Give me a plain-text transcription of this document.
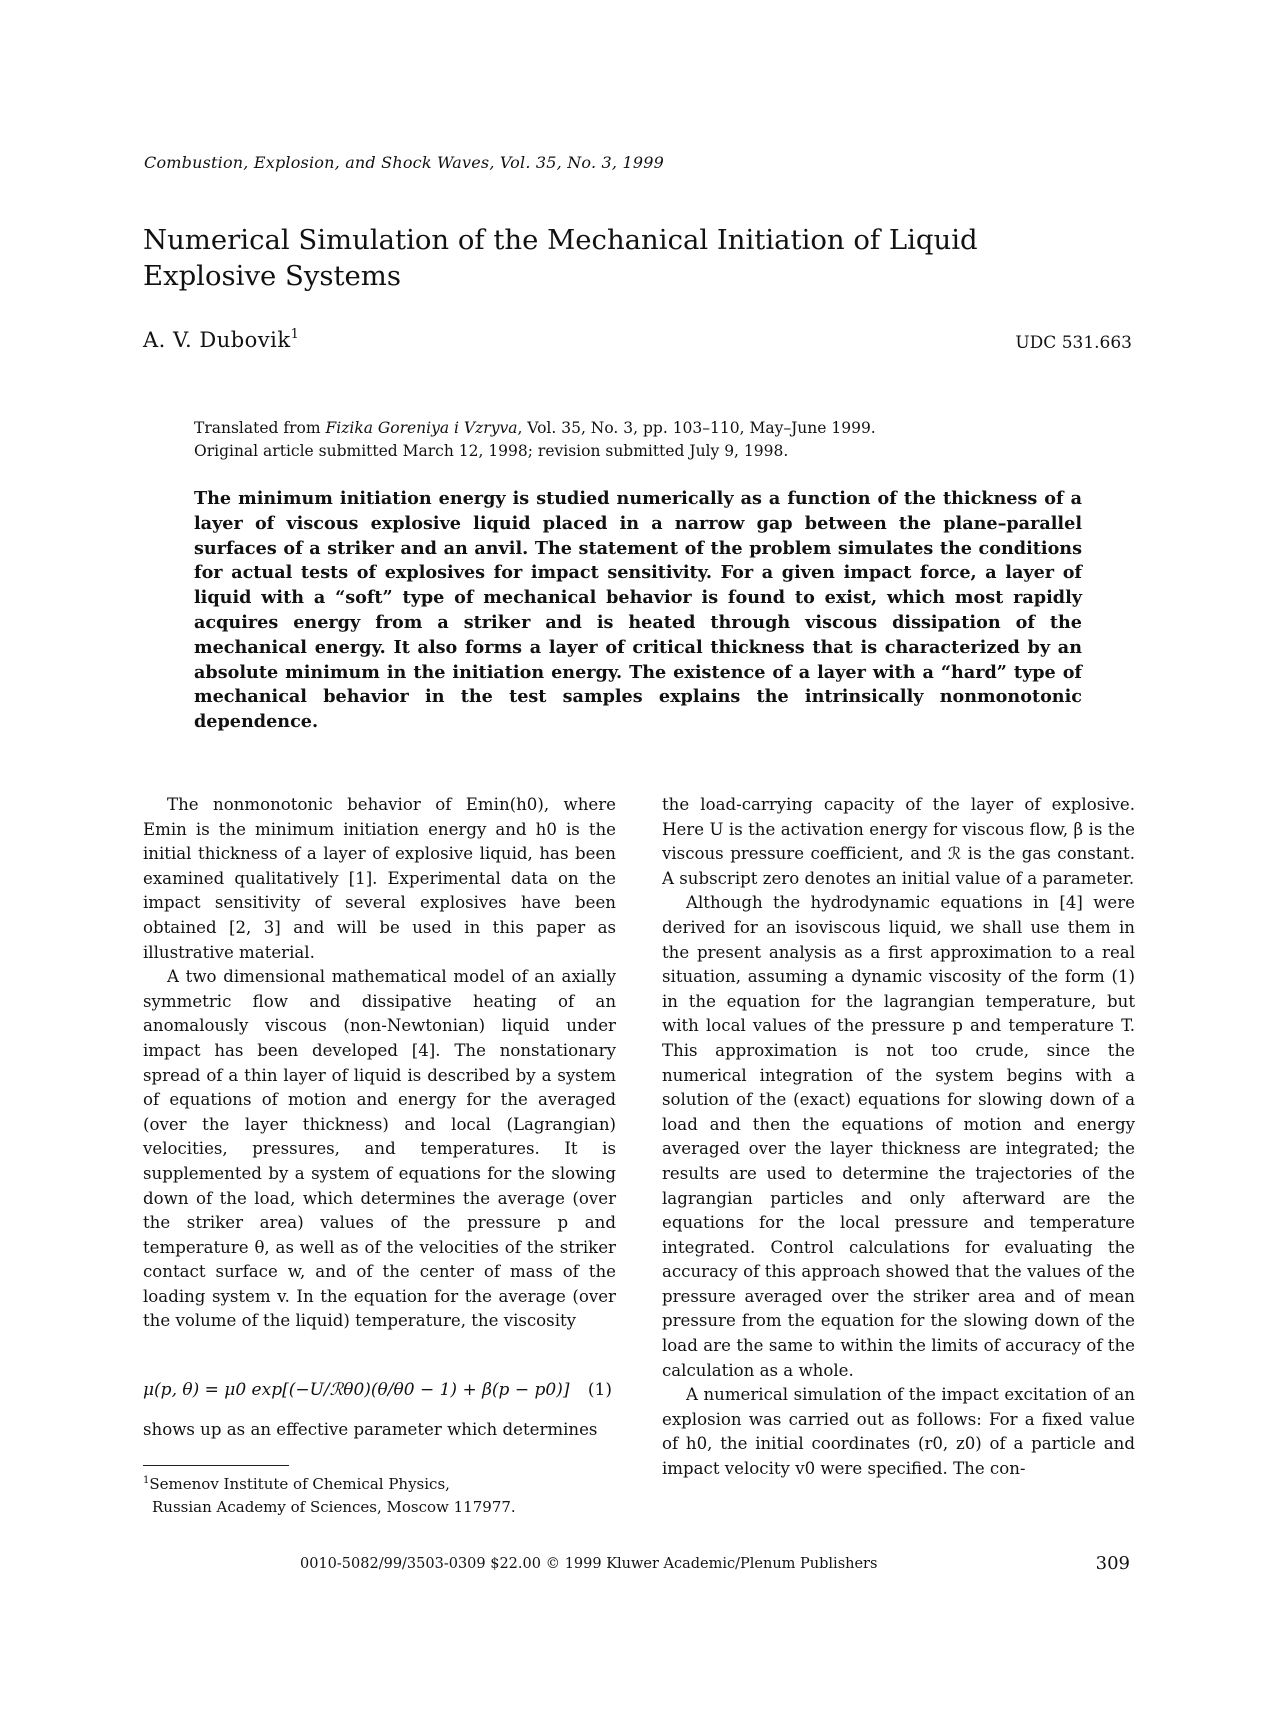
Combustion, Explosion, and Shock Waves, Vol. 35, No. 3, 1999
Numerical Simulation of the Mechanical Initiation of Liquid Explosive Systems
A. V. Dubovik$^1$	UDC 531.663
Translated from Fizika Goreniya i Vzryva, Vol. 35, No. 3, pp. 103–110, May–June 1999.
Original article submitted March 12, 1998; revision submitted July 9, 1998.
The minimum initiation energy is studied numerically as a function of the thickness of a layer of viscous explosive liquid placed in a narrow gap between the plane–parallel surfaces of a striker and an anvil. The statement of the problem simulates the conditions for actual tests of explosives for impact sensitivity. For a given impact force, a layer of liquid with a “soft” type of mechanical behavior is found to exist, which most rapidly acquires energy from a striker and is heated through viscous dissipation of the mechanical energy. It also forms a layer of critical thickness that is characterized by an absolute minimum in the initiation energy. The existence of a layer with a “hard” type of mechanical behavior in the test samples explains the intrinsically nonmonotonic dependence.

The nonmonotonic behavior of Emin(h0), where Emin is the minimum initiation energy and h0 is the initial thickness of a layer of explosive liquid, has been examined qualitatively [1]. Experimental data on the impact sensitivity of several explosives have been obtained [2, 3] and will be used in this paper as illustrative material.

A two dimensional mathematical model of an axially symmetric flow and dissipative heating of an anomalously viscous (non-Newtonian) liquid under impact has been developed [4]. The nonstationary spread of a thin layer of liquid is described by a system of equations of motion and energy for the averaged (over the layer thickness) and local (Lagrangian) velocities, pressures, and temperatures. It is supplemented by a system of equations for the slowing down of the load, which determines the average (over the striker area) values of the pressure p and temperature θ, as well as of the velocities of the striker contact surface w, and of the center of mass of the loading system v. In the equation for the average (over the volume of the liquid) temperature, the viscosity

μ(p, θ) = μ0 exp[(−U/ℛθ0)(θ/θ0 − 1) + β(p − p0)] (1)
shows up as an effective parameter which determines
$^1$Semenov Institute of Chemical Physics,
Russian Academy of Sciences, Moscow 117977.

the load-carrying capacity of the layer of explosive. Here U is the activation energy for viscous flow, β is the viscous pressure coefficient, and ℛ is the gas constant. A subscript zero denotes an initial value of a parameter.

Although the hydrodynamic equations in [4] were derived for an isoviscous liquid, we shall use them in the present analysis as a first approximation to a real situation, assuming a dynamic viscosity of the form (1) in the equation for the lagrangian temperature, but with local values of the pressure p and temperature T. This approximation is not too crude, since the numerical integration of the system begins with a solution of the (exact) equations for slowing down of a load and then the equations of motion and energy averaged over the layer thickness are integrated; the results are used to determine the trajectories of the lagrangian particles and only afterward are the equations for the local pressure and temperature integrated. Control calculations for evaluating the accuracy of this approach showed that the values of the pressure averaged over the striker area and of mean pressure from the equation for the slowing down of the load are the same to within the limits of accuracy of the calculation as a whole.

A numerical simulation of the impact excitation of an explosion was carried out as follows: For a fixed value of h0, the initial coordinates (r0, z0) of a particle and impact velocity v0 were specified. The con-

0010-5082/99/3503-0309 $22.00 © 1999 Kluwer Academic/Plenum Publishers	309
